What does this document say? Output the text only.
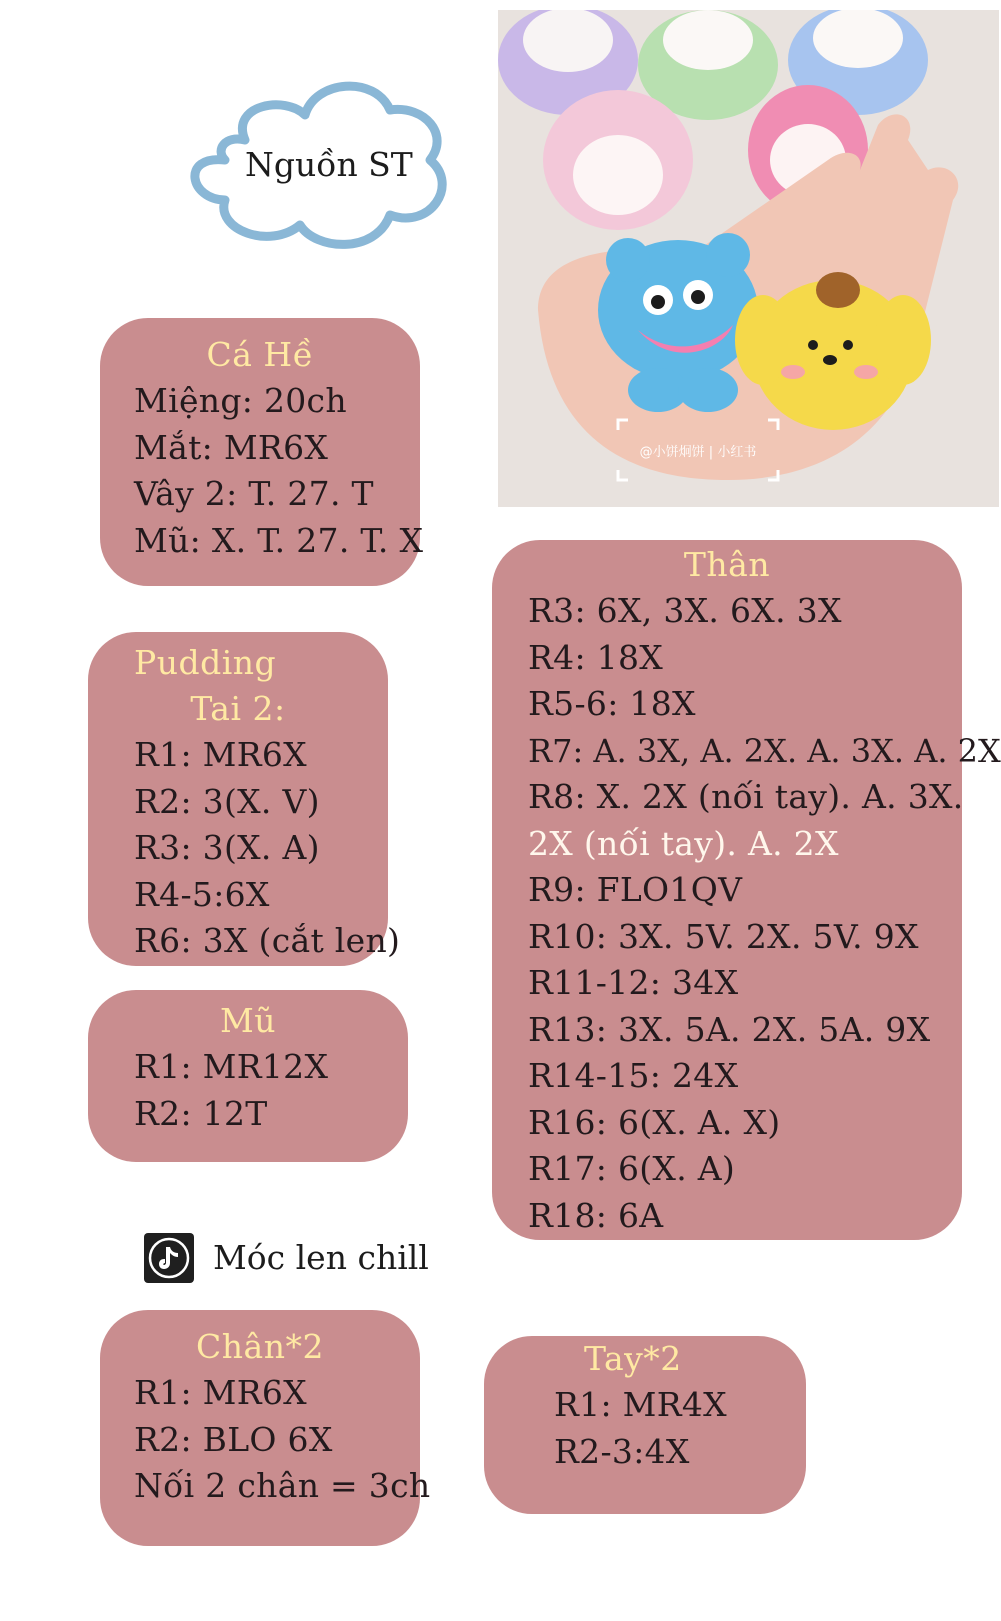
Nguồn ST
@小饼炯饼 | 小红书
Cá Hề
Miệng: 20ch
Mắt: MR6X
Vây 2: T. 27. T
Mũ: X. T. 27. T. X
Pudding
Tai 2:
R1: MR6X
R2: 3(X. V)
R3: 3(X. A)
R4-5:6X
R6: 3X (cắt len)
Mũ
R1: MR12X
R2: 12T
Móc len chill
Thân
R3: 6X, 3X. 6X. 3X
R4: 18X
R5-6: 18X
R7: A. 3X, A. 2X. A. 3X. A. 2X
R8: X. 2X (nối tay). A. 3X.
2X (nối tay). A. 2X
R9: FLO1QV
R10: 3X. 5V. 2X. 5V. 9X
R11-12: 34X
R13: 3X. 5A. 2X. 5A. 9X
R14-15: 24X
R16: 6(X. A. X)
R17: 6(X. A)
R18: 6A
Chân*2
R1: MR6X
R2: BLO 6X
Nối 2 chân = 3ch
Tay*2
R1: MR4X
R2-3:4X
